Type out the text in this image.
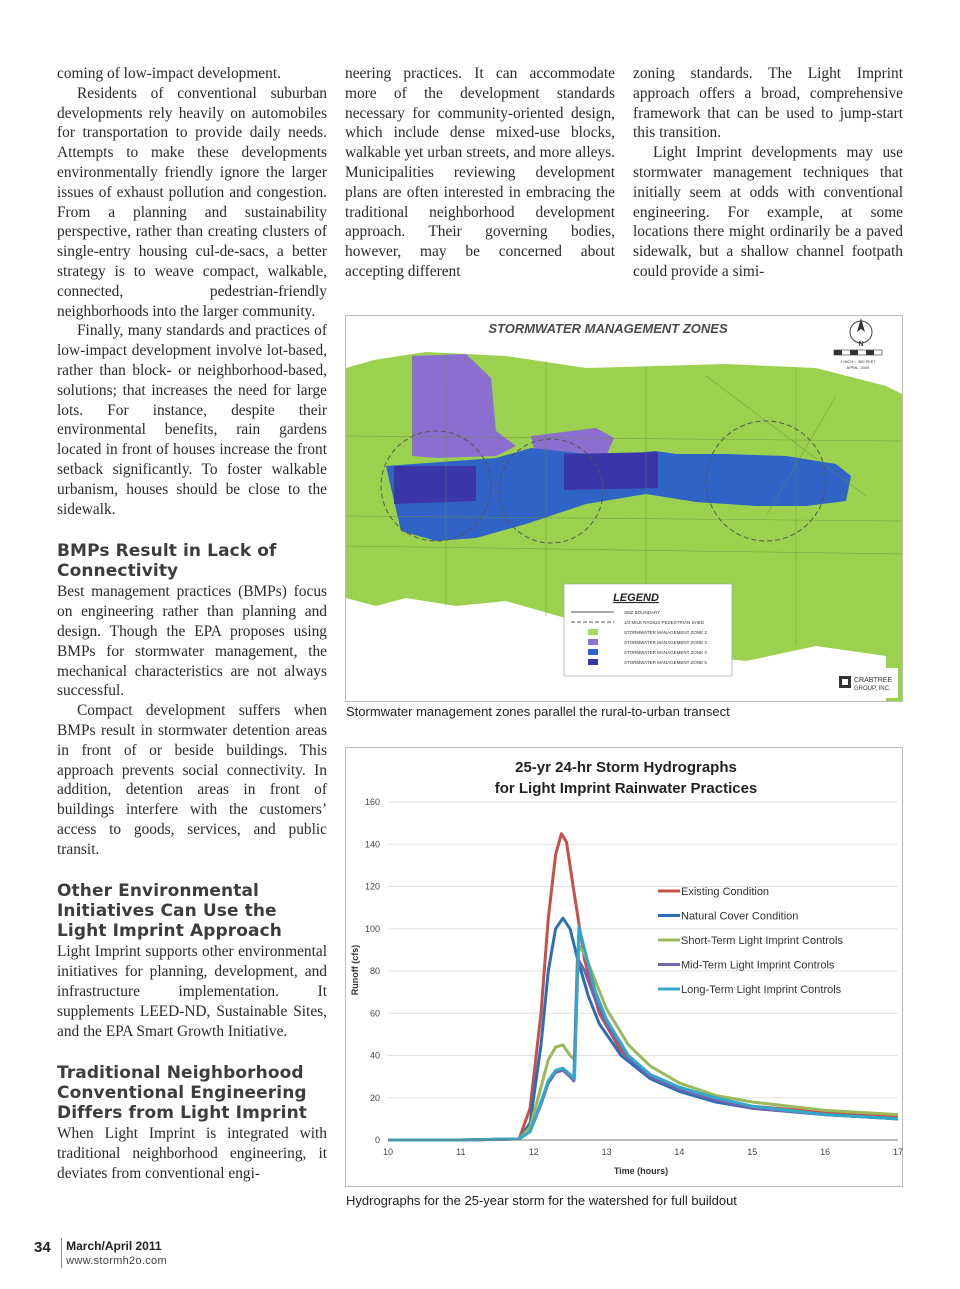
coming of low-impact development.

Residents of conventional suburban developments rely heavily on automobiles for transportation to provide daily needs. Attempts to make these developments environmentally friendly ignore the larger issues of exhaust pollution and congestion. From a planning and sustainability perspective, rather than creating clusters of single-entry housing cul-de-sacs, a better strategy is to weave compact, walkable, connected, pedestrian-friendly neighborhoods into the larger community.

Finally, many standards and practices of low-impact development involve lot-based, rather than block- or neighborhood-based, solutions; that increases the need for large lots. For instance, despite their environmental benefits, rain gardens located in front of houses increase the front setback significantly. To foster walkable urbanism, houses should be close to the sidewalk.

BMPs Result in Lack of Connectivity

Best management practices (BMPs) focus on engineering rather than planning and design. Though the EPA proposes using BMPs for stormwater management, the mechanical characteristics are not always successful.

Compact development suffers when BMPs result in stormwater detention areas in front of or beside buildings. This approach prevents social connectivity. In addition, detention areas in front of buildings interfere with the customers’ access to goods, services, and public transit.

Other Environmental Initiatives Can Use the Light Imprint Approach

Light Imprint supports other environmental initiatives for planning, development, and infrastructure implementation. It supplements LEED-ND, Sustainable Sites, and the EPA Smart Growth Initiative.

Traditional Neighborhood Conventional Engineering Differs from Light Imprint

When Light Imprint is integrated with traditional neighborhood engineering, it deviates from conventional engi-

neering practices. It can accommodate more of the development standards necessary for community-oriented design, which include dense mixed-use blocks, walkable yet urban streets, and more alleys. Municipalities reviewing development plans are often interested in embracing the traditional neighborhood development approach. Their governing bodies, however, may be concerned about accepting different

zoning standards. The Light Imprint approach offers a broad, comprehensive framework that can be used to jump-start this transition.

Light Imprint developments may use stormwater management techniques that initially seem at odds with conventional engineering. For example, at some locations there might ordinarily be a paved sidewalk, but a shallow channel footpath could provide a simi-

STORMWATER MANAGEMENT ZONES
N
1 INCH = 300 FEET
APRIL, 2009
LEGEND
SMZ BOUNDARY
1/4 MILE RADIUS PEDESTRIAN SHED
STORMWATER MANAGEMENT ZONE 2
STORMWATER MANAGEMENT ZONE 3
STORMWATER MANAGEMENT ZONE 4
STORMWATER MANAGEMENT ZONE 5
CRABTREE
GROUP, INC.
Stormwater management zones parallel the rural-to-urban transect
25-yr 24-hr Storm Hydrographs
for Light Imprint Rainwater Practices
0
20
40
60
80
100
120
140
160
10	11	12	13	14	15	16	17
Existing Condition
Natural Cover Condition
Short-Term Light Imprint Controls
Mid-Term Light Imprint Controls
Long-Term Light Imprint Controls
Time (hours)
Runoff (cfs)
Hydrographs for the 25-year storm for the watershed for full buildout
34 March/April 2011
www.stormh2o.com
